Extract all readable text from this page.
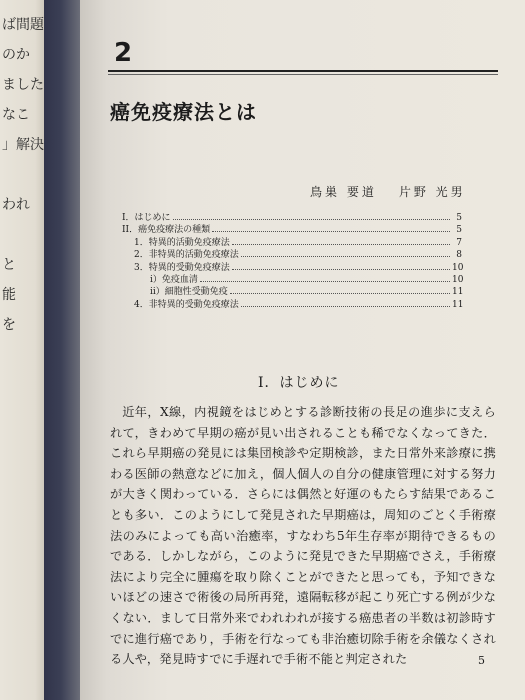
ば間題
のか
ました
なこ
」解決
われ
と
能
を
2
癌免疫療法とは
鳥巣 要道 片野 光男
I．はじめに	5
II．癌免疫療法の種類	5
1．特異的活動免疫療法	7
2．非特異的活動免疫療法	8
3．特異的受動免疫療法	10
i）免疫血清	10
ii）細胞性受動免疫	11
4．非特異的受動免疫療法	11
I．はじめに

近年，X線，内視鏡をはじめとする診断技術の長足の進歩に支えられて，きわめて早期の癌が見い出されることも稀でなくなってきた．これら早期癌の発見には集団検診や定期検診，また日常外来診療に携わる医師の熱意などに加え，個人個人の自分の健康管理に対する努力が大きく関わっている．さらには偶然と好運のもたらす結果であることも多い．このようにして発見された早期癌は，周知のごとく手術療法のみによっても高い治癒率，すなわち5年生存率が期待できるものである．しかしながら，このように発見できた早期癌でさえ，手術療法により完全に腫瘍を取り除くことができたと思っても，予知できないほどの速さで術後の局所再発，遠隔転移が起こり死亡する例が少なくない．まして日常外来でわれわれが接する癌患者の半数は初診時すでに進行癌であり，手術を行なっても非治癒切除手術を余儀なくされる人や，発見時すでに手遅れで手術不能と判定された	5
